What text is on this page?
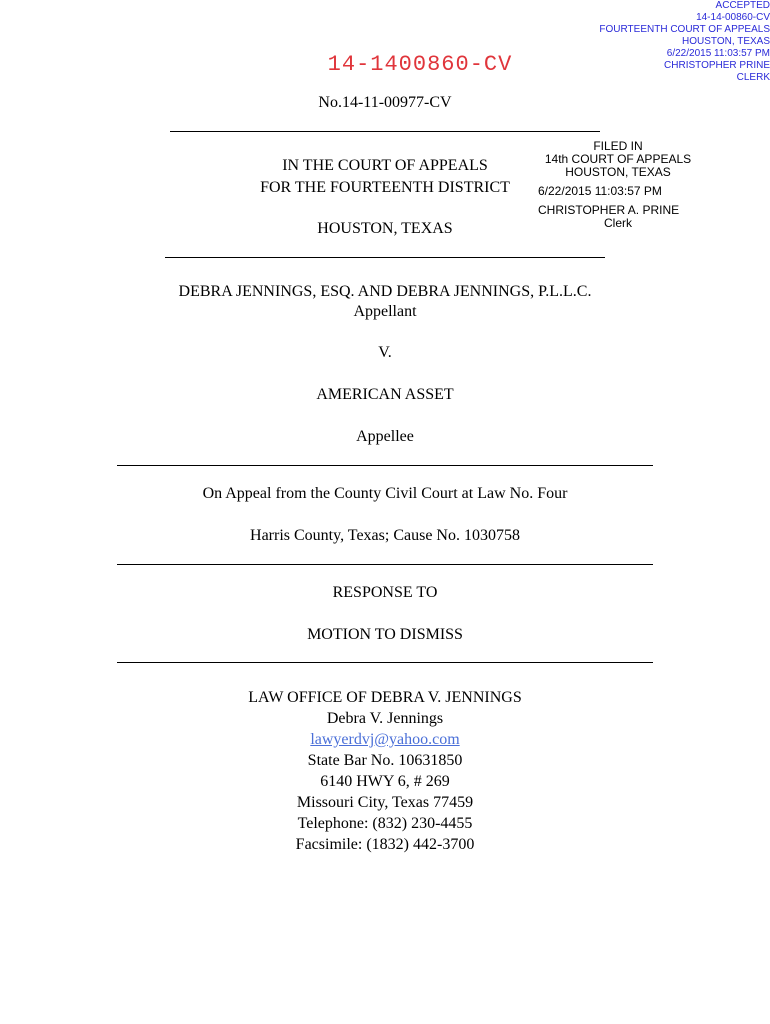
ACCEPTED
14-14-00860-CV
FOURTEENTH COURT OF APPEALS
HOUSTON, TEXAS
6/22/2015 11:03:57 PM
CHRISTOPHER PRINE
CLERK
14-1400860-CV
No.14-11-00977-CV
IN THE COURT OF APPEALS
FOR THE FOURTEENTH DISTRICT
HOUSTON, TEXAS
FILED IN
14th COURT OF APPEALS
HOUSTON, TEXAS
6/22/2015 11:03:57 PM
CHRISTOPHER A. PRINE
Clerk
DEBRA JENNINGS, ESQ. AND DEBRA JENNINGS, P.L.L.C.
Appellant
V.
AMERICAN ASSET
Appellee
On Appeal from the County Civil Court at Law No. Four
Harris County, Texas; Cause No. 1030758
RESPONSE TO
MOTION TO DISMISS
LAW OFFICE OF DEBRA V. JENNINGS
Debra V. Jennings
lawyerdvj@yahoo.com
State Bar No. 10631850
6140 HWY 6, # 269
Missouri City, Texas 77459
Telephone: (832) 230-4455
Facsimile: (1832) 442-3700
